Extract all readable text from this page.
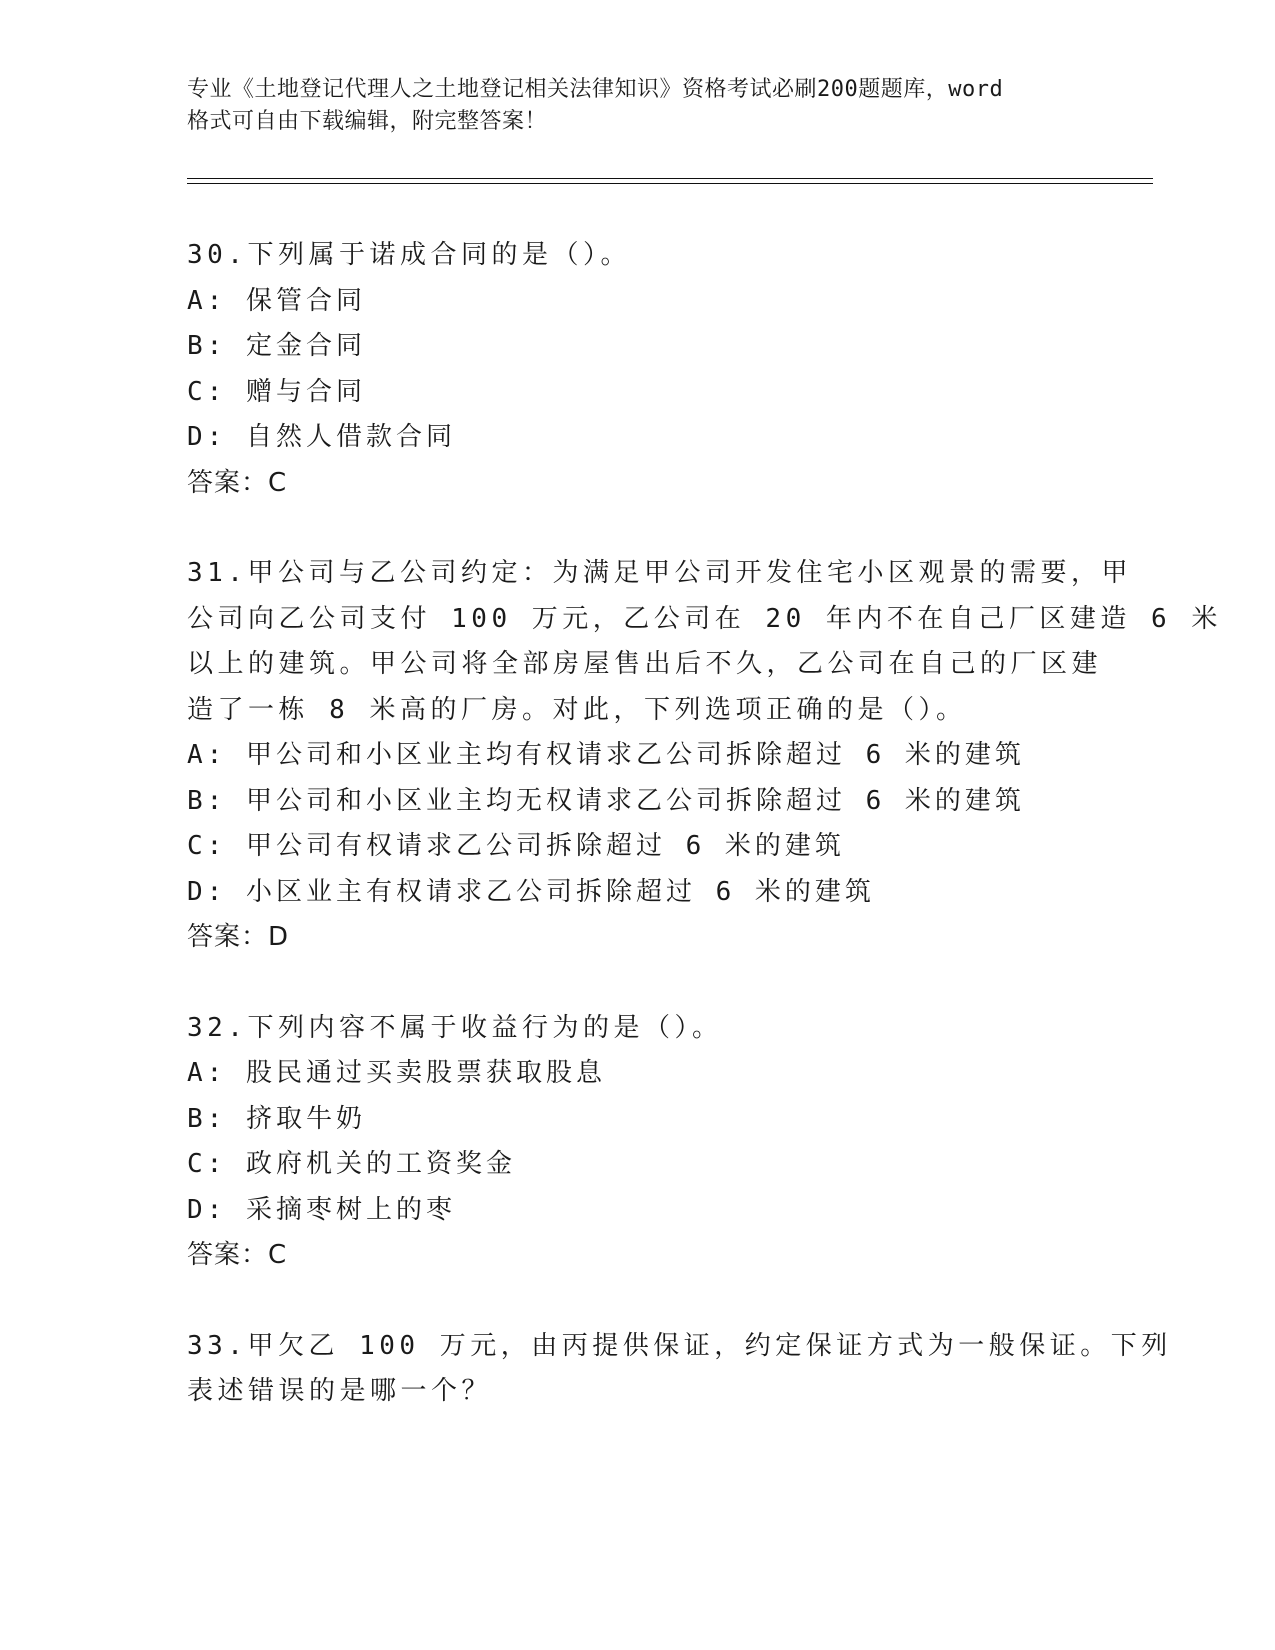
专业《土地登记代理人之土地登记相关法律知识》资格考试必刷200题题库，word
格式可自由下载编辑，附完整答案！
30.下列属于诺成合同的是（）。
A: 保管合同
B: 定金合同
C: 赠与合同
D: 自然人借款合同
答案：C
31.甲公司与乙公司约定：为满足甲公司开发住宅小区观景的需要，甲
公司向乙公司支付 100 万元，乙公司在 20 年内不在自己厂区建造 6 米
以上的建筑。甲公司将全部房屋售出后不久，乙公司在自己的厂区建
造了一栋 8 米高的厂房。对此，下列选项正确的是（）。
A: 甲公司和小区业主均有权请求乙公司拆除超过 6 米的建筑
B: 甲公司和小区业主均无权请求乙公司拆除超过 6 米的建筑
C: 甲公司有权请求乙公司拆除超过 6 米的建筑
D: 小区业主有权请求乙公司拆除超过 6 米的建筑
答案：D
32.下列内容不属于收益行为的是（）。
A: 股民通过买卖股票获取股息
B: 挤取牛奶
C: 政府机关的工资奖金
D: 采摘枣树上的枣
答案：C
33.甲欠乙 100 万元，由丙提供保证，约定保证方式为一般保证。下列
表述错误的是哪一个？
